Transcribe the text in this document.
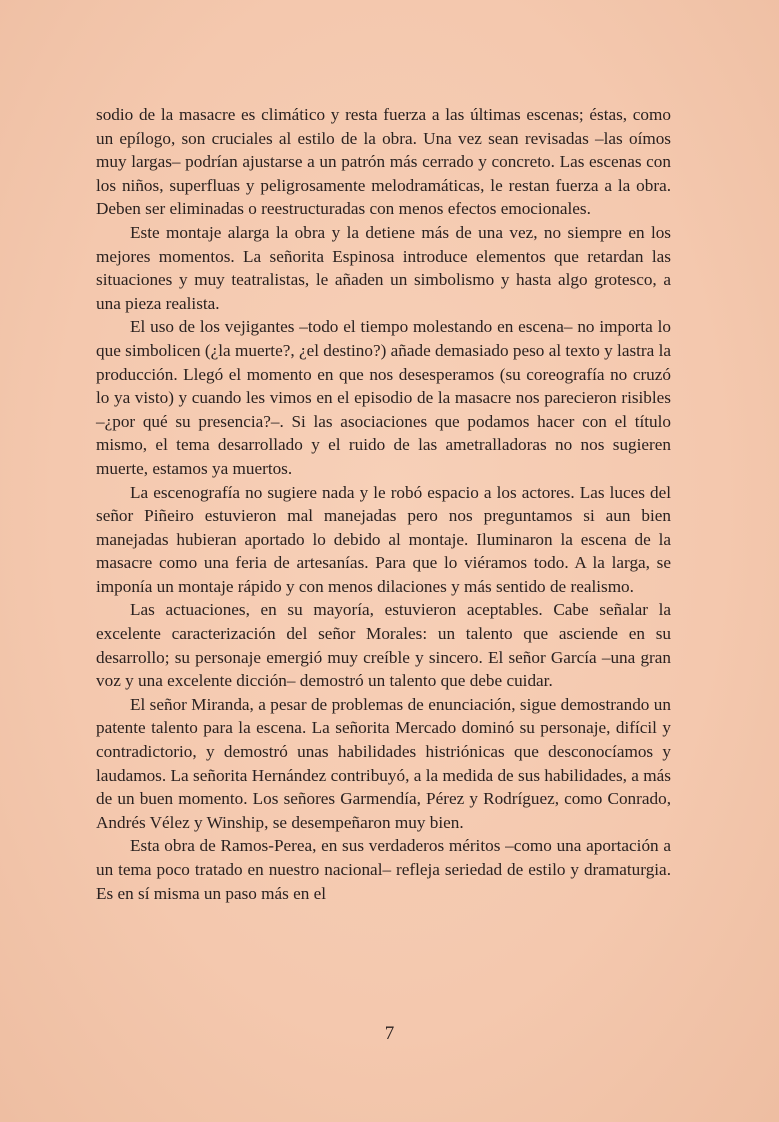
sodio de la masacre es climático y resta fuerza a las últimas escenas; éstas, como un epílogo, son cruciales al estilo de la obra. Una vez sean revisadas –las oímos muy largas– podrían ajustarse a un patrón más cerrado y concreto. Las escenas con los niños, superfluas y peligrosamente melodramáticas, le restan fuerza a la obra. Deben ser eliminadas o reestructuradas con menos efectos emocionales.

Este montaje alarga la obra y la detiene más de una vez, no siempre en los mejores momentos. La señorita Espinosa introduce elementos que retardan las situaciones y muy teatralistas, le añaden un simbolismo y hasta algo grotesco, a una pieza realista.

El uso de los vejigantes –todo el tiempo molestando en escena– no importa lo que simbolicen (¿la muerte?, ¿el destino?) añade demasiado peso al texto y lastra la producción. Llegó el momento en que nos desesperamos (su coreografía no cruzó lo ya visto) y cuando les vimos en el episodio de la masacre nos parecieron risibles –¿por qué su presencia?–. Si las asociaciones que podamos hacer con el título mismo, el tema desarrollado y el ruido de las ametralladoras no nos sugieren muerte, estamos ya muertos.

La escenografía no sugiere nada y le robó espacio a los actores. Las luces del señor Piñeiro estuvieron mal manejadas pero nos preguntamos si aun bien manejadas hubieran aportado lo debido al montaje. Iluminaron la escena de la masacre como una feria de artesanías. Para que lo viéramos todo. A la larga, se imponía un montaje rápido y con menos dilaciones y más sentido de realismo.

Las actuaciones, en su mayoría, estuvieron aceptables. Cabe señalar la excelente caracterización del señor Morales: un talento que asciende en su desarrollo; su personaje emergió muy creíble y sincero. El señor García –una gran voz y una excelente dicción– demostró un talento que debe cuidar.

El señor Miranda, a pesar de problemas de enunciación, sigue demostrando un patente talento para la escena. La señorita Mercado dominó su personaje, difícil y contradictorio, y demostró unas habilidades histriónicas que desconocíamos y laudamos. La señorita Hernández contribuyó, a la medida de sus habilidades, a más de un buen momento. Los señores Garmendía, Pérez y Rodríguez, como Conrado, Andrés Vélez y Winship, se desempeñaron muy bien.

Esta obra de Ramos-Perea, en sus verdaderos méritos –como una aportación a un tema poco tratado en nuestro nacional– refleja seriedad de estilo y dramaturgia. Es en sí misma un paso más en el

7
